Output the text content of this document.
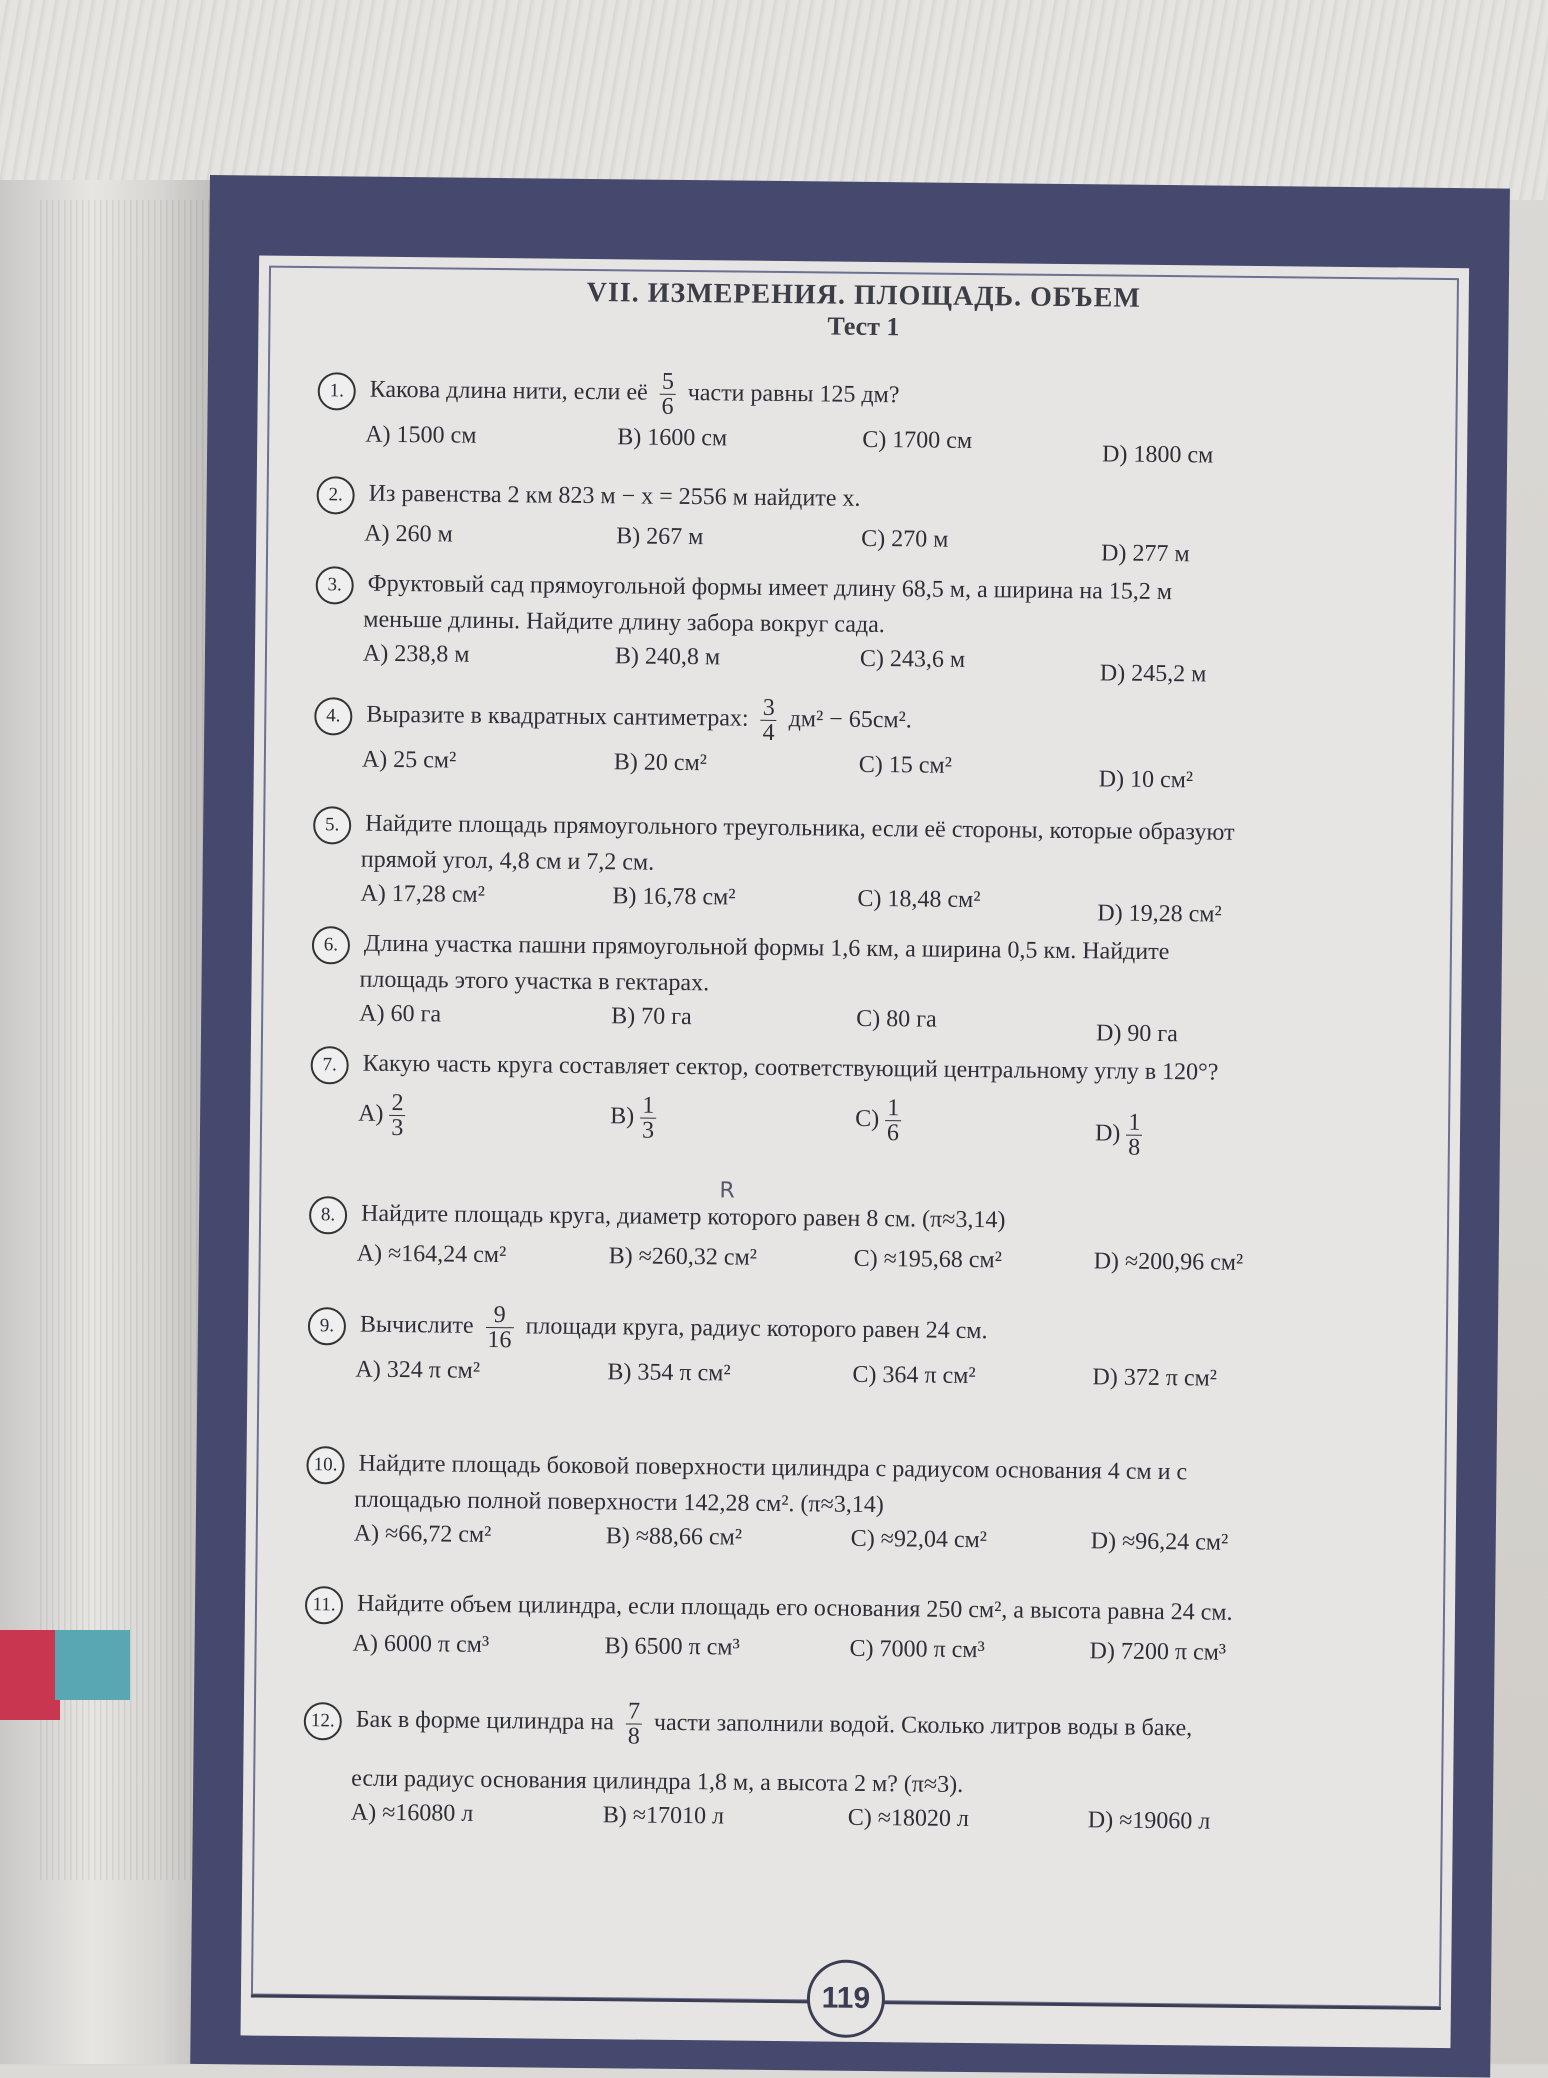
VII. ИЗМЕРЕНИЯ. ПЛОЩАДЬ. ОБЪЕМ
Тест 1
1. Какова длина нити, если её $\frac{5}{6}$ части равны 125 дм?
A) 1500 см	B) 1600 см	C) 1700 см
D) 1800 см
2. Из равенства 2 км 823 м − x = 2556 м найдите x.
A) 260 м	B) 267 м	C) 270 м
D) 277 м
3. Фруктовый сад прямоугольной формы имеет длину 68,5 м, а ширина на 15,2 м
меньше длины. Найдите длину забора вокруг сада.
A) 238,8 м	B) 240,8 м	C) 243,6 м
D) 245,2 м
4. Выразите в квадратных сантиметрах: $\frac{3}{4} дм^2 - 65см^2$.
A) 25 см²	B) 20 см²	C) 15 см²
D) 10 см²
5. Найдите площадь прямоугольного треугольника, если её стороны, которые образуют
прямой угол, 4,8 см и 7,2 см.
A) 17,28 см²	B) 16,78 см²	C) 18,48 см²
D) 19,28 см²
6. Длина участка пашни прямоугольной формы 1,6 км, а ширина 0,5 км. Найдите
площадь этого участка в гектарах.
A) 60 га	B) 70 га	C) 80 га
D) 90 га
7. Какую часть круга составляет сектор, соответствующий центральному углу в 120°?
$A) \frac{2}{3}$	$B) \frac{1}{3}$	$C) \frac{1}{6}$	$D) \frac{1}{8}$
R
8. Найдите площадь круга, диаметр которого равен 8 см. (π≈3,14)
A) ≈164,24 см²	B) ≈260,32 см²	C) ≈195,68 см²	D) ≈200,96 см²
9. Вычислите $\frac{9}{16}$ площади круга, радиус которого равен 24 см.
A) 324 π см²	B) 354 π см²	C) 364 π см²	D) 372 π см²
10. Найдите площадь боковой поверхности цилиндра с радиусом основания 4 см и с
площадью полной поверхности 142,28 см². (π≈3,14)
A) ≈66,72 см²	B) ≈88,66 см²	C) ≈92,04 см²	D) ≈96,24 см²
11. Найдите объем цилиндра, если площадь его основания 250 см², а высота равна 24 см.
A) 6000 π см³	B) 6500 π см³	C) 7000 π см³	D) 7200 π см³
12. Бак в форме цилиндра на $\frac{7}{8}$ части заполнили водой. Сколько литров воды в баке,
если радиус основания цилиндра 1,8 м, а высота 2 м? (π≈3).
A) ≈16080 л	B) ≈17010 л	C) ≈18020 л	D) ≈19060 л
119
